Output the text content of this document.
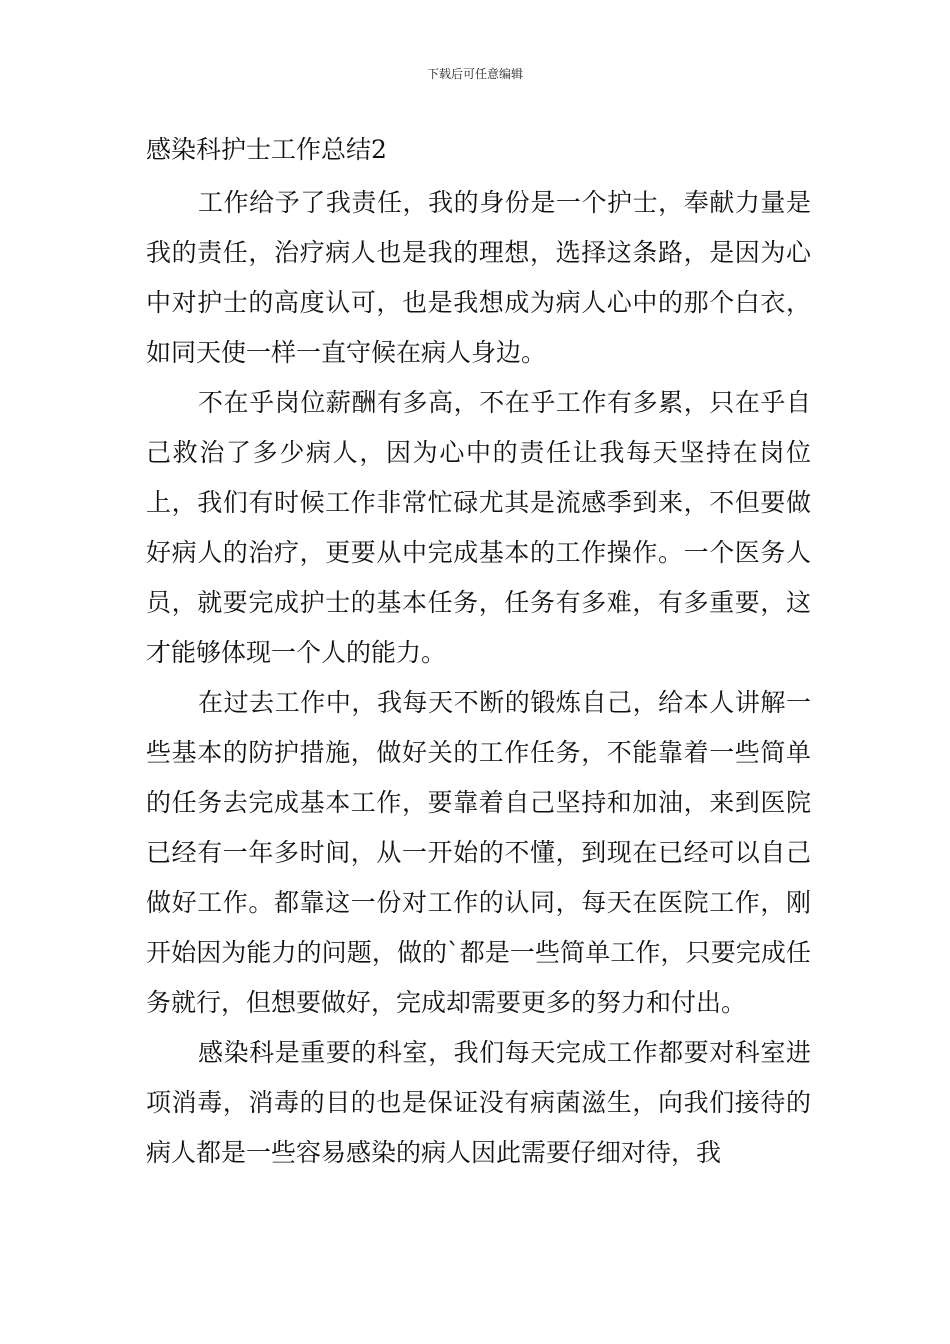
下载后可任意编辑
感染科护士工作总结2

工作给予了我责任，我的身份是一个护士，奉献力量是我的责任，治疗病人也是我的理想，选择这条路，是因为心中对护士的高度认可，也是我想成为病人心中的那个白衣，如同天使一样一直守候在病人身边。

不在乎岗位薪酬有多高，不在乎工作有多累，只在乎自己救治了多少病人，因为心中的责任让我每天坚持在岗位上，我们有时候工作非常忙碌尤其是流感季到来，不但要做好病人的治疗，更要从中完成基本的工作操作。一个医务人员，就要完成护士的基本任务，任务有多难，有多重要，这才能够体现一个人的能力。

在过去工作中，我每天不断的锻炼自己，给本人讲解一些基本的防护措施，做好关的工作任务，不能靠着一些简单的任务去完成基本工作，要靠着自己坚持和加油，来到医院已经有一年多时间，从一开始的不懂，到现在已经可以自己做好工作。都靠这一份对工作的认同，每天在医院工作，刚开始因为能力的问题，做的`都是一些简单工作，只要完成任务就行，但想要做好，完成却需要更多的努力和付出。

感染科是重要的科室，我们每天完成工作都要对科室进项消毒，消毒的目的也是保证没有病菌滋生，向我们接待的病人都是一些容易感染的病人因此需要仔细对待，我
